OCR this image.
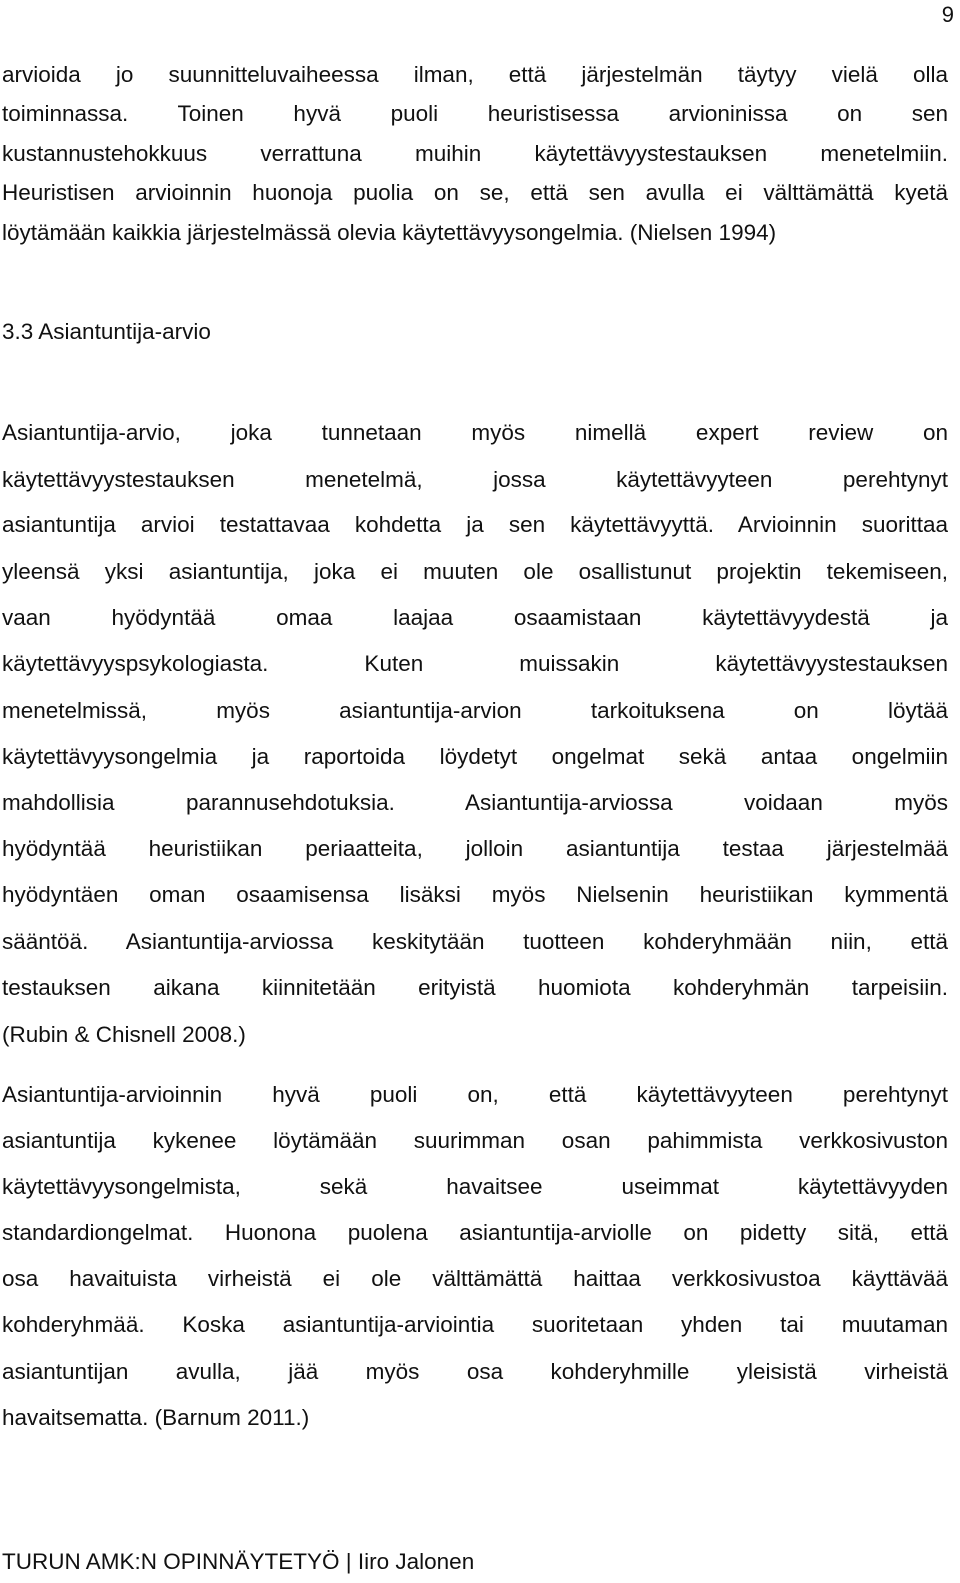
9
arvioida jo suunnitteluvaiheessa ilman, että järjestelmän täytyy vielä olla
toiminnassa. Toinen hyvä puoli heuristisessa arvioninissa on sen
kustannustehokkuus verrattuna muihin käytettävyystestauksen menetelmiin.
Heuristisen arvioinnin huonoja puolia on se, että sen avulla ei välttämättä kyetä
löytämään kaikkia järjestelmässä olevia käytettävyysongelmia. (Nielsen 1994)
3.3 Asiantuntija-arvio
Asiantuntija-arvio, joka tunnetaan myös nimellä expert review on
käytettävyystestauksen menetelmä, jossa käytettävyyteen perehtynyt
asiantuntija arvioi testattavaa kohdetta ja sen käytettävyyttä. Arvioinnin suorittaa
yleensä yksi asiantuntija, joka ei muuten ole osallistunut projektin tekemiseen,
vaan hyödyntää omaa laajaa osaamistaan käytettävyydestä ja
käytettävyyspsykologiasta. Kuten muissakin käytettävyystestauksen
menetelmissä, myös asiantuntija-arvion tarkoituksena on löytää
käytettävyysongelmia ja raportoida löydetyt ongelmat sekä antaa ongelmiin
mahdollisia parannusehdotuksia. Asiantuntija-arviossa voidaan myös
hyödyntää heuristiikan periaatteita, jolloin asiantuntija testaa järjestelmää
hyödyntäen oman osaamisensa lisäksi myös Nielsenin heuristiikan kymmentä
sääntöä. Asiantuntija-arviossa keskitytään tuotteen kohderyhmään niin, että
testauksen aikana kiinnitetään erityistä huomiota kohderyhmän tarpeisiin.
(Rubin & Chisnell 2008.)
Asiantuntija-arvioinnin hyvä puoli on, että käytettävyyteen perehtynyt
asiantuntija kykenee löytämään suurimman osan pahimmista verkkosivuston
käytettävyysongelmista, sekä havaitsee useimmat käytettävyyden
standardiongelmat. Huonona puolena asiantuntija-arviolle on pidetty sitä, että
osa havaituista virheistä ei ole välttämättä haittaa verkkosivustoa käyttävää
kohderyhmää. Koska asiantuntija-arviointia suoritetaan yhden tai muutaman
asiantuntijan avulla, jää myös osa kohderyhmille yleisistä virheistä
havaitsematta. (Barnum 2011.)
TURUN AMK:N OPINNÄYTETYÖ | Iiro Jalonen
